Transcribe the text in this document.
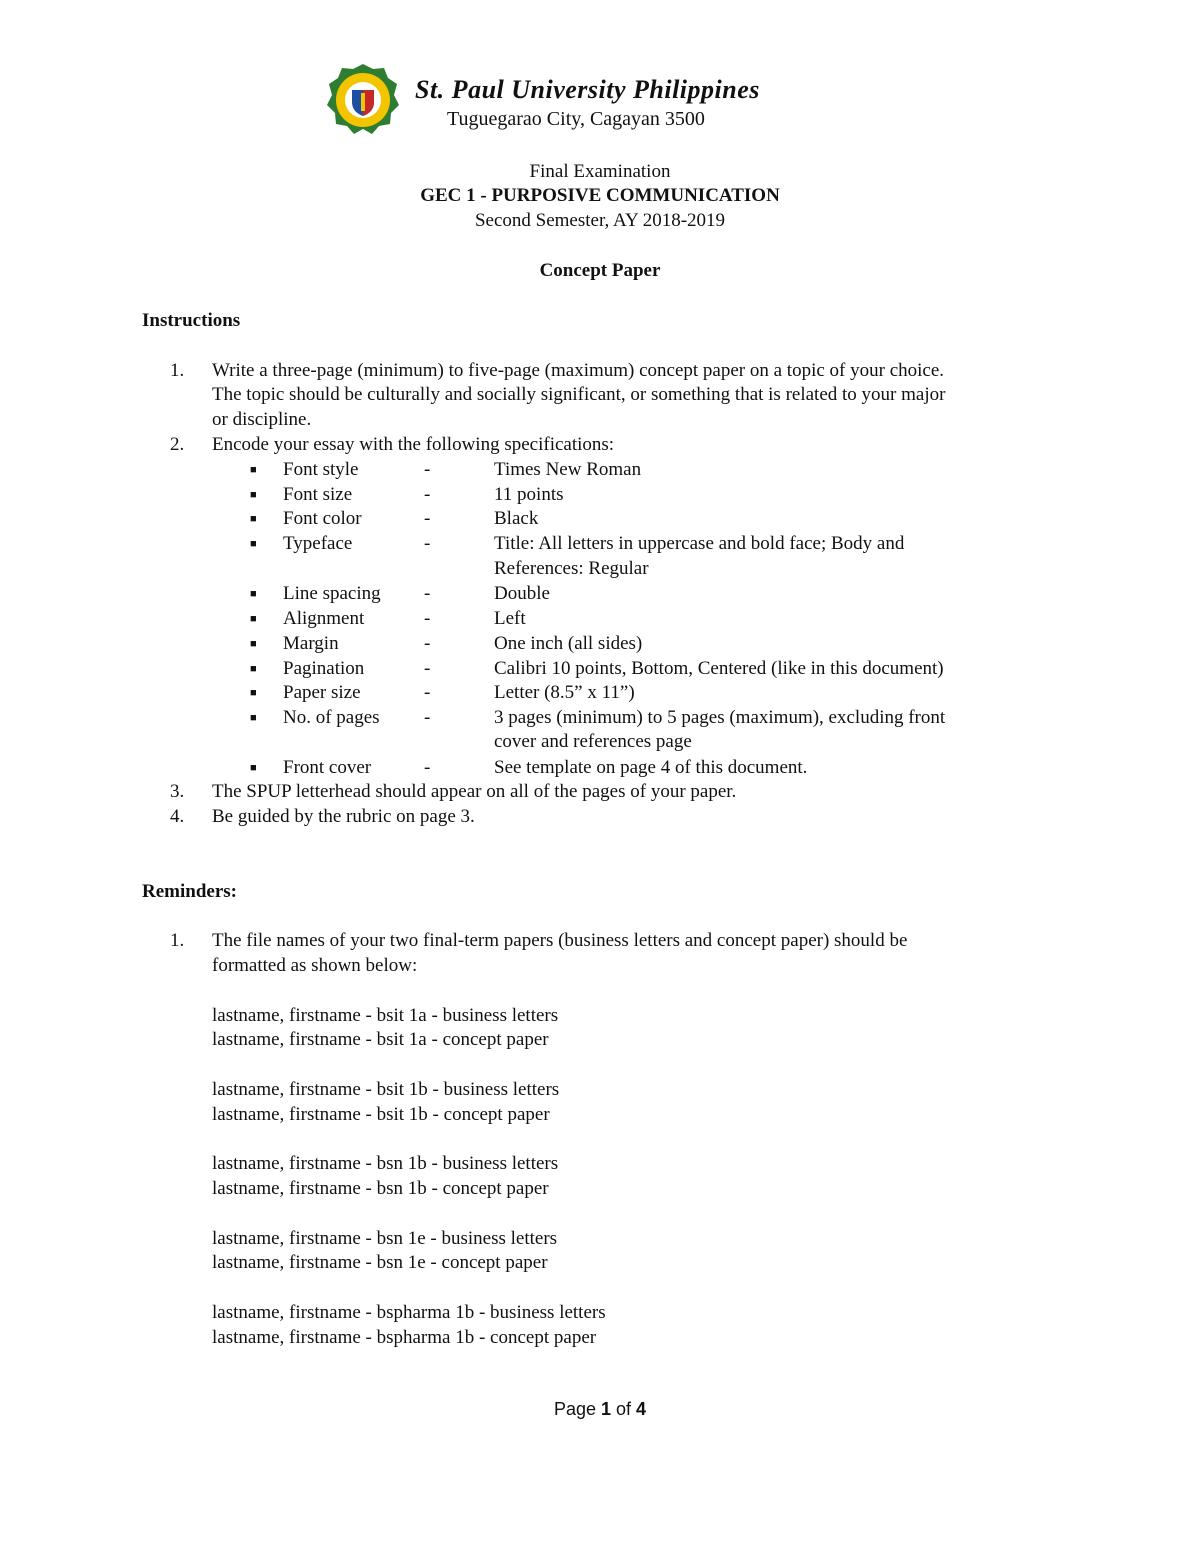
St. Paul University Philippines
Tuguegarao City, Cagayan 3500
Final Examination
GEC 1 - PURPOSIVE COMMUNICATION
Second Semester, AY 2018-2019
Concept Paper
Instructions
1. Write a three-page (minimum) to five-page (maximum) concept paper on a topic of your choice.
The topic should be culturally and socially significant, or something that is related to your major
or discipline.
2. Encode your essay with the following specifications:
■ Font style	-	Times New Roman
■ Font size	-	11 points
■ Font color	-	Black
■ Typeface	-	Title: All letters in uppercase and bold face; Body and
References: Regular
■ Line spacing -	Double
■ Alignment	-	Left
■ Margin	-	One inch (all sides)
■ Pagination	-	Calibri 10 points, Bottom, Centered (like in this document)
■ Paper size	-	Letter (8.5” x 11”)
■ No. of pages -	3 pages (minimum) to 5 pages (maximum), excluding front
cover and references page
■ Front cover	-	See template on page 4 of this document.
3. The SPUP letterhead should appear on all of the pages of your paper.
4. Be guided by the rubric on page 3.
Reminders:
1. The file names of your two final-term papers (business letters and concept paper) should be
formatted as shown below:
lastname, firstname - bsit 1a - business letters
lastname, firstname - bsit 1a - concept paper
lastname, firstname - bsit 1b - business letters
lastname, firstname - bsit 1b - concept paper
lastname, firstname - bsn 1b - business letters
lastname, firstname - bsn 1b - concept paper
lastname, firstname - bsn 1e - business letters
lastname, firstname - bsn 1e - concept paper
lastname, firstname - bspharma 1b - business letters
lastname, firstname - bspharma 1b - concept paper
Page 1 of 4
